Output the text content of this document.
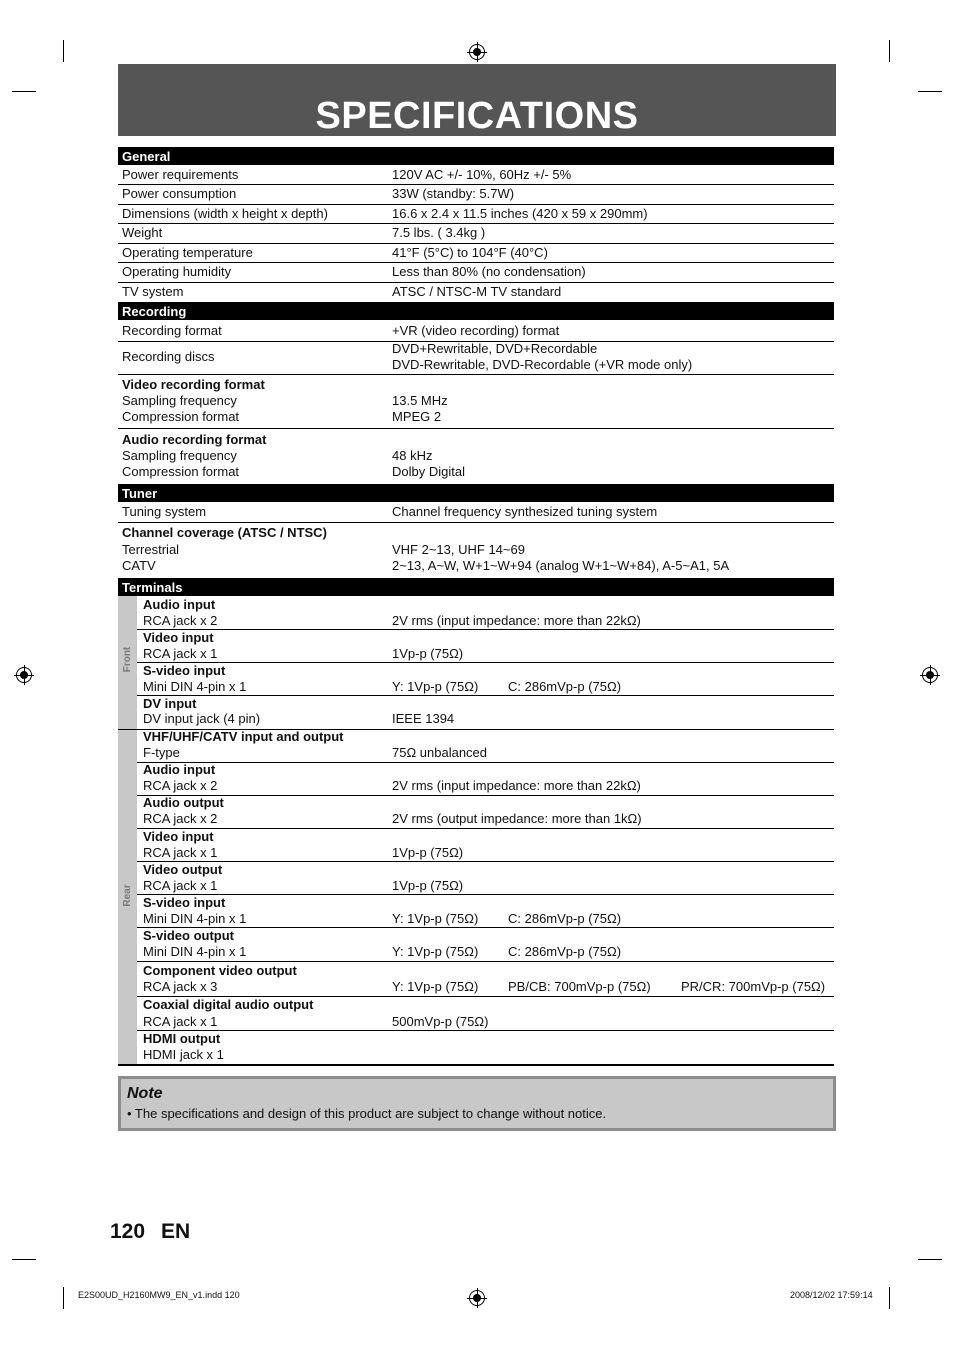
SPECIFICATIONS
General
Power requirements	120V AC +/- 10%, 60Hz +/- 5%
Power consumption	33W (standby: 5.7W)
Dimensions (width x height x depth)	16.6 x 2.4 x 11.5 inches (420 x 59 x 290mm)
Weight	7.5 lbs. ( 3.4kg )
Operating temperature	41°F (5°C) to 104°F (40°C)
Operating humidity	Less than 80% (no condensation)
TV system	ATSC / NTSC-M TV standard
Recording
Recording format	+VR (video recording) format
Recording discs
DVD+Rewritable, DVD+Recordable
DVD-Rewritable, DVD-Recordable (+VR mode only)
Video recording format
Sampling frequency	13.5 MHz
Compression format	MPEG 2
Audio recording format
Sampling frequency	48 kHz
Compression format	Dolby Digital
Tuner
Tuning system	Channel frequency synthesized tuning system
Channel coverage (ATSC / NTSC)
Terrestrial	VHF 2~13, UHF 14~69
CATV	2~13, A~W, W+1~W+94 (analog W+1~W+84), A-5~A1, 5A
Terminals
Front
Rear
Audio input
RCA jack x 2	2V rms (input impedance: more than 22kΩ)
Video input
RCA jack x 1	1Vp-p (75Ω)
S-video input
Mini DIN 4-pin x 1	Y: 1Vp-p (75Ω) C: 286mVp-p (75Ω)
DV input
DV input jack (4 pin)	IEEE 1394
VHF/UHF/CATV input and output
F-type	75Ω unbalanced
Audio input
RCA jack x 2	2V rms (input impedance: more than 22kΩ)
Audio output
RCA jack x 2	2V rms (output impedance: more than 1kΩ)
Video input
RCA jack x 1	1Vp-p (75Ω)
Video output
RCA jack x 1	1Vp-p (75Ω)
S-video input
Mini DIN 4-pin x 1	Y: 1Vp-p (75Ω) C: 286mVp-p (75Ω)
S-video output
Mini DIN 4-pin x 1	Y: 1Vp-p (75Ω) C: 286mVp-p (75Ω)
Component video output
RCA jack x 3	Y: 1Vp-p (75Ω) PB/CB: 700mVp-p (75Ω) PR/CR: 700mVp-p (75Ω)
Coaxial digital audio output
RCA jack x 1	500mVp-p (75Ω)
HDMI output
HDMI jack x 1
Note
• The specifications and design of this product are subject to change without notice.
120 EN
E2S00UD_H2160MW9_EN_v1.indd 120	2008/12/02 17:59:14
